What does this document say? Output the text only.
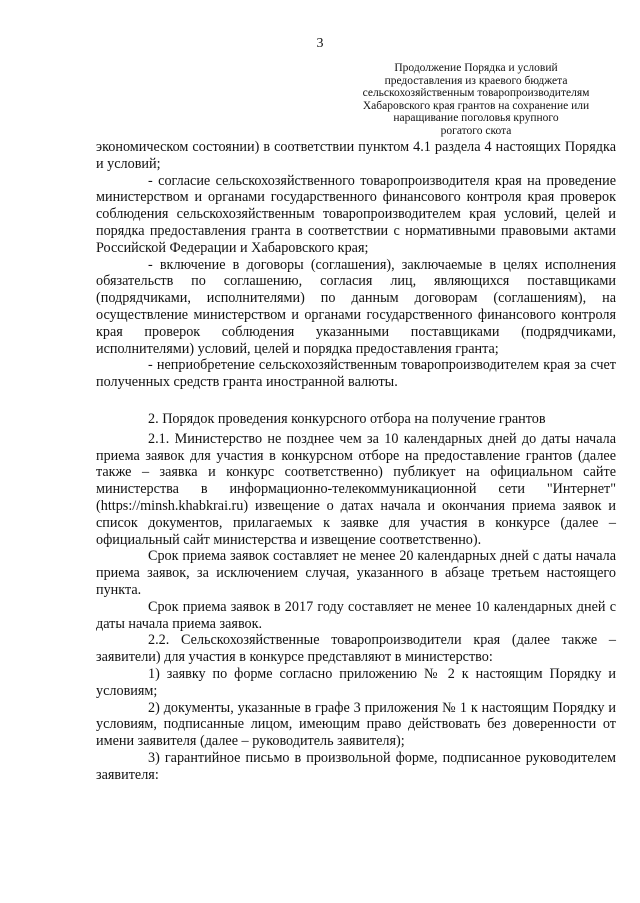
3
Продолжение Порядка и условий
предоставления из краевого бюджета
сельскохозяйственным товаропроизводителям
Хабаровского края грантов на сохранение или
наращивание поголовья крупного
рогатого скота

экономическом состоянии) в соответствии пунктом 4.1 раздела 4 настоящих Порядка и условий;

- согласие сельскохозяйственного товаропроизводителя края на проведение министерством и органами государственного финансового контроля края проверок соблюдения сельскохозяйственным товаропроизводителем края условий, целей и порядка предоставления гранта в соответствии с нормативными правовыми актами Российской Федерации и Хабаровского края;

- включение в договоры (соглашения), заключаемые в целях исполнения обязательств по соглашению, согласия лиц, являющихся поставщиками (подрядчиками, исполнителями) по данным договорам (соглашениям), на осуществление министерством и органами государственного финансового контроля края проверок соблюдения указанными поставщиками (подрядчиками, исполнителями) условий, целей и порядка предоставления гранта;

- неприобретение сельскохозяйственным товаропроизводителем края за счет полученных средств гранта иностранной валюты.

2. Порядок проведения конкурсного отбора на получение грантов

2.1. Министерство не позднее чем за 10 календарных дней до даты начала приема заявок для участия в конкурсном отборе на предоставление грантов (далее также – заявка и конкурс соответственно) публикует на официальном сайте министерства в информационно-телекоммуникационной сети "Интернет" (https://minsh.khabkrai.ru) извещение о датах начала и окончания приема заявок и список документов, прилагаемых к заявке для участия в конкурсе (далее – официальный сайт министерства и извещение соответственно).

Срок приема заявок составляет не менее 20 календарных дней с даты начала приема заявок, за исключением случая, указанного в абзаце третьем настоящего пункта.

Срок приема заявок в 2017 году составляет не менее 10 календарных дней с даты начала приема заявок.

2.2. Сельскохозяйственные товаропроизводители края (далее также – заявители) для участия в конкурсе представляют в министерство:

1) заявку по форме согласно приложению № 2 к настоящим Порядку и условиям;

2) документы, указанные в графе 3 приложения № 1 к настоящим Порядку и условиям, подписанные лицом, имеющим право действовать без доверенности от имени заявителя (далее – руководитель заявителя);

3) гарантийное письмо в произвольной форме, подписанное руководителем заявителя:
